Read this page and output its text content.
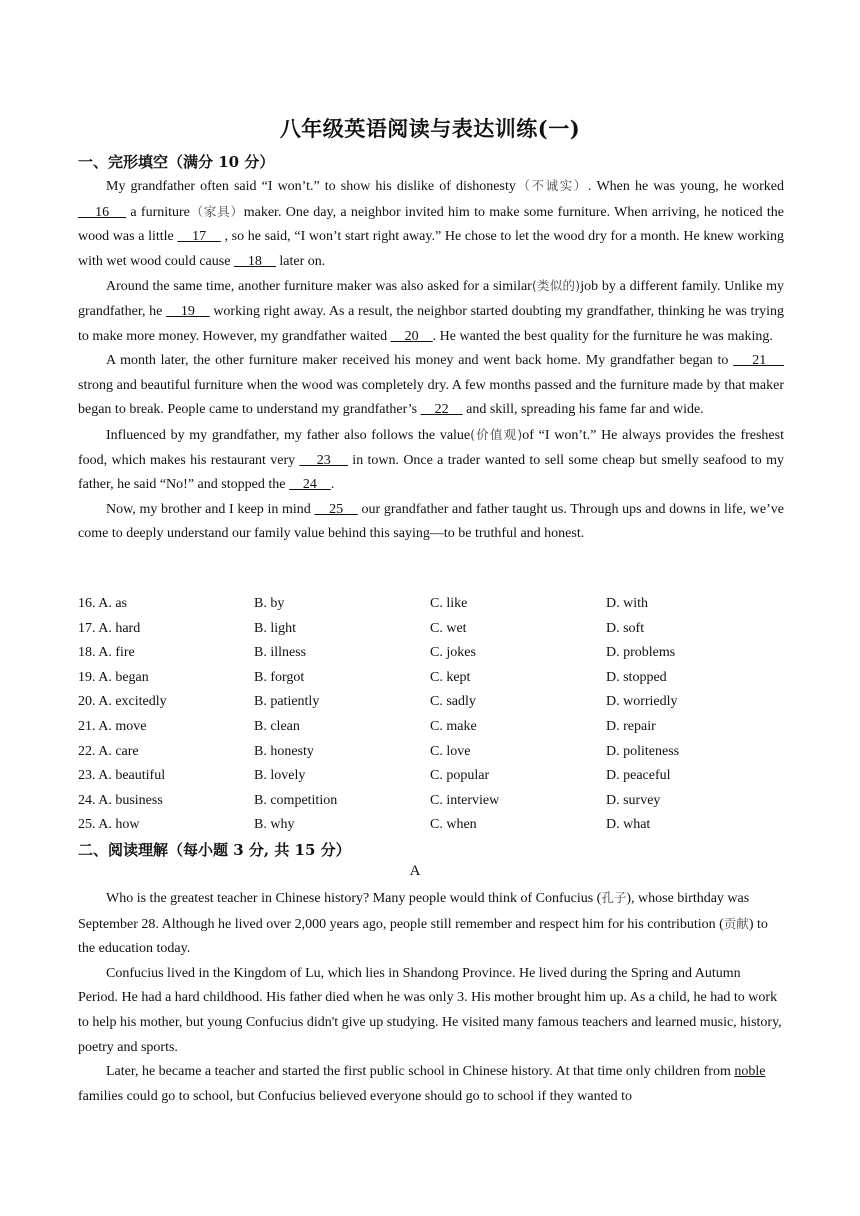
八年级英语阅读与表达训练(一)
一、完形填空（满分 10 分）

My grandfather often said “I won’t.” to show his dislike of dishonesty（不诚实）. When he was young, he worked     16     a furniture（家具）maker. One day, a neighbor invited him to make some furniture. When arriving, he noticed the wood was a little     17     , so he said, “I won’t start right away.” He chose to let the wood dry for a month. He knew working with wet wood could cause     18     later on.

Around the same time, another furniture maker was also asked for a similar(类似的)job by a different family. Unlike my grandfather, he     19     working right away. As a result, the neighbor started doubting my grandfather, thinking he was trying to make more money. However, my grandfather waited     20    . He wanted the best quality for the furniture he was making.

A month later, the other furniture maker received his money and went back home. My grandfather began to     21     strong and beautiful furniture when the wood was completely dry. A few months passed and the furniture made by that maker began to break. People came to understand my grandfather’s     22     and skill, spreading his fame far and wide.

Influenced by my grandfather, my father also follows the value(价值观)of “I won’t.” He always provides the freshest food, which makes his restaurant very     23     in town. Once a trader wanted to sell some cheap but smelly seafood to my father, he said “No!” and stopped the     24    .

Now, my brother and I keep in mind     25     our grandfather and father taught us. Through ups and downs in life, we’ve come to deeply understand our family value behind this saying—to be truthful and honest.

16. A. as	B. by	C. like	D. with
17. A. hard	B. light	C. wet	D. soft
18. A. fire	B. illness	C. jokes	D. problems
19. A. began	B. forgot	C. kept	D. stopped
20. A. excitedly	B. patiently	C. sadly	D. worriedly
21. A. move	B. clean	C. make	D. repair
22. A. care	B. honesty	C. love	D. politeness
23. A. beautiful	B. lovely	C. popular	D. peaceful
24. A. business	B. competition	C. interview	D. survey
25. A. how	B. why	C. when	D. what
二、阅读理解（每小题 3 分, 共 15 分）
A

Who is the greatest teacher in Chinese history? Many people would think of Confucius (孔子), whose birthday was September 28. Although he lived over 2,000 years ago, people still remember and respect him for his contribution (贡献) to the education today.

Confucius lived in the Kingdom of Lu, which lies in Shandong Province. He lived during the Spring and Autumn Period. He had a hard childhood. His father died when he was only 3. His mother brought him up. As a child, he had to work to help his mother, but young Confucius didn't give up studying. He visited many famous teachers and learned music, history, poetry and sports.

Later, he became a teacher and started the first public school in Chinese history. At that time only children from noble families could go to school, but Confucius believed everyone should go to school if they wanted to
